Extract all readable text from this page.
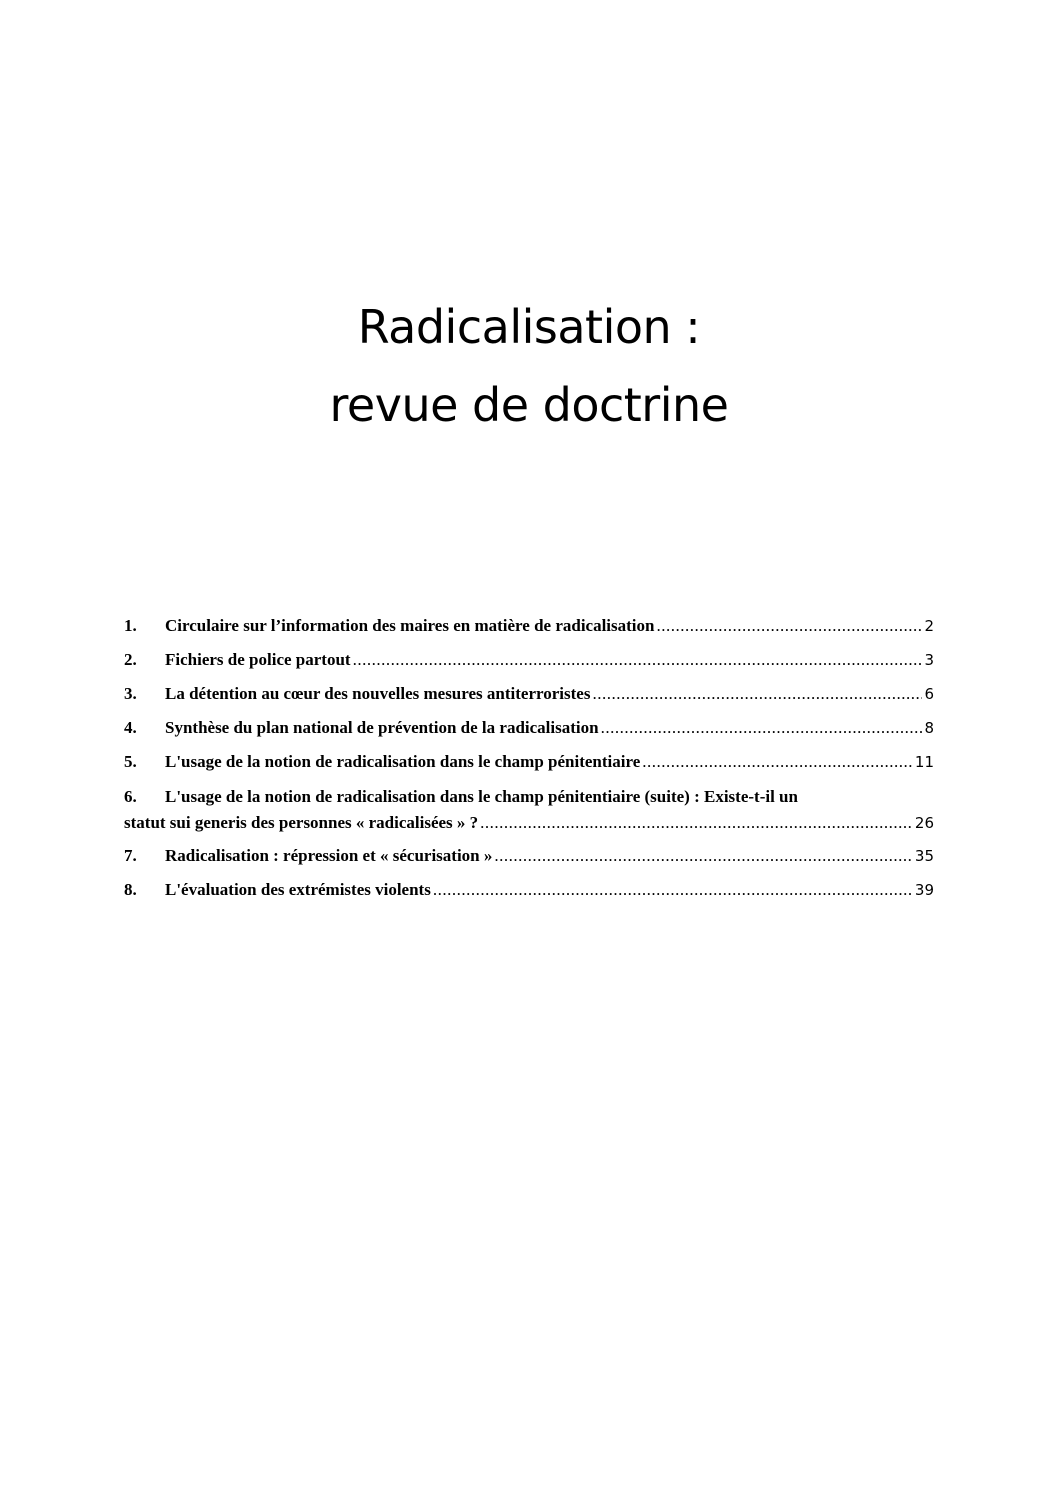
Radicalisation :
revue de doctrine
1.	Circulaire sur l’information des maires en matière de radicalisation .....	2
2.	Fichiers de police partout .....	3
3.	La détention au cœur des nouvelles mesures antiterroristes .....	6
4.	Synthèse du plan national de prévention de la radicalisation .....	8
5.	L'usage de la notion de radicalisation dans le champ pénitentiaire .....	11
6. L'usage de la notion de radicalisation dans le champ pénitentiaire (suite) : Existe-t-il un
statut sui generis des personnes « radicalisées » ? .....	26
7.	Radicalisation : répression et « sécurisation » .....	35
8.	L'évaluation des extrémistes violents .....	39
